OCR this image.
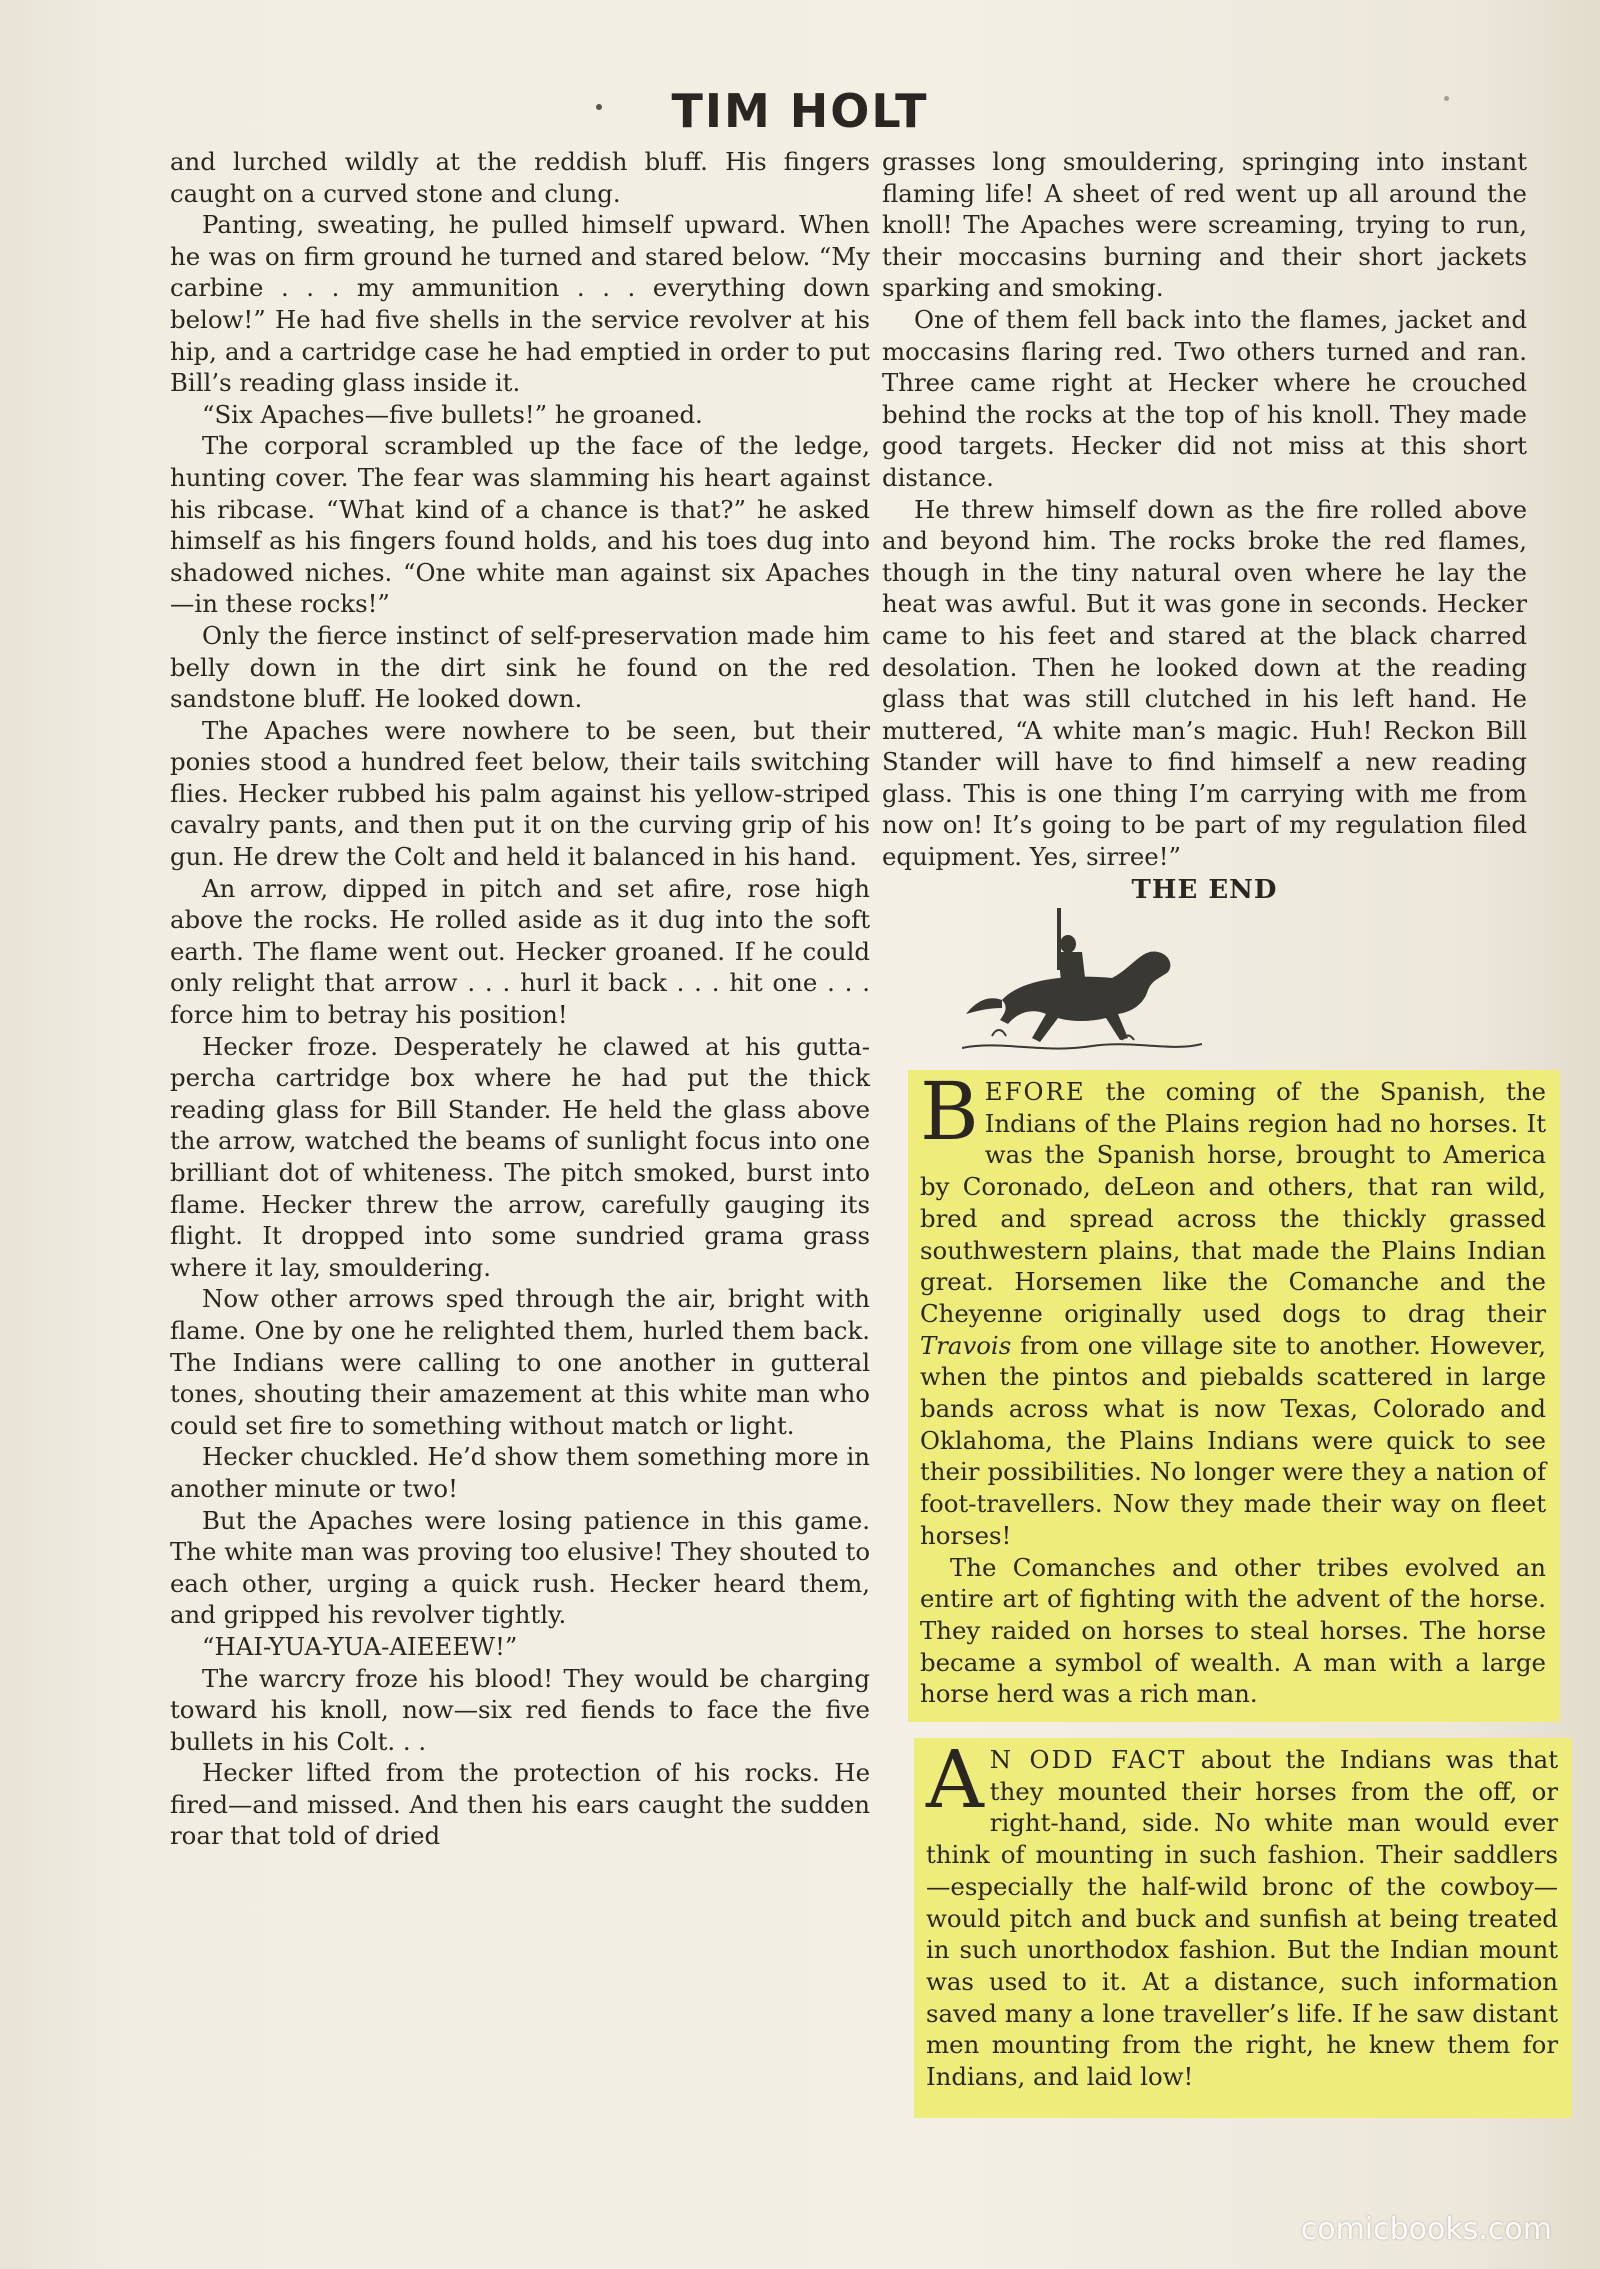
TIM HOLT

and lurched wildly at the reddish bluff. His fingers caught on a curved stone and clung.

Panting, sweating, he pulled himself upward. When he was on firm ground he turned and stared below. “My carbine . . . my ammunition . . . everything down below!” He had five shells in the service revolver at his hip, and a cartridge case he had emptied in order to put Bill’s reading glass inside it.

“Six Apaches—five bullets!” he groaned.

The corporal scrambled up the face of the ledge, hunting cover. The fear was slamming his heart against his ribcase. “What kind of a chance is that?” he asked himself as his fingers found holds, and his toes dug into shadowed niches. “One white man against six Apaches—in these rocks!”

Only the fierce instinct of self-preservation made him belly down in the dirt sink he found on the red sandstone bluff. He looked down.

The Apaches were nowhere to be seen, but their ponies stood a hundred feet below, their tails switching flies. Hecker rubbed his palm against his yellow-striped cavalry pants, and then put it on the curving grip of his gun. He drew the Colt and held it balanced in his hand.

An arrow, dipped in pitch and set afire, rose high above the rocks. He rolled aside as it dug into the soft earth. The flame went out. Hecker groaned. If he could only relight that arrow . . . hurl it back . . . hit one . . . force him to betray his position!

Hecker froze. Desperately he clawed at his gutta-percha cartridge box where he had put the thick reading glass for Bill Stander. He held the glass above the arrow, watched the beams of sunlight focus into one brilliant dot of whiteness. The pitch smoked, burst into flame. Hecker threw the arrow, carefully gauging its flight. It dropped into some sundried grama grass where it lay, smouldering.

Now other arrows sped through the air, bright with flame. One by one he relighted them, hurled them back. The Indians were calling to one another in gutteral tones, shouting their amazement at this white man who could set fire to something without match or light.

Hecker chuckled. He’d show them something more in another minute or two!

But the Apaches were losing patience in this game. The white man was proving too elusive! They shouted to each other, urging a quick rush. Hecker heard them, and gripped his revolver tightly.

“HAI-YUA-YUA-AIEEEW!”

The warcry froze his blood! They would be charging toward his knoll, now—six red fiends to face the five bullets in his Colt. . .

Hecker lifted from the protection of his rocks. He fired—and missed. And then his ears caught the sudden roar that told of dried

grasses long smouldering, springing into instant flaming life! A sheet of red went up all around the knoll! The Apaches were screaming, trying to run, their moccasins burning and their short jackets sparking and smoking.

One of them fell back into the flames, jacket and moccasins flaring red. Two others turned and ran. Three came right at Hecker where he crouched behind the rocks at the top of his knoll. They made good targets. Hecker did not miss at this short distance.

He threw himself down as the fire rolled above and beyond him. The rocks broke the red flames, though in the tiny natural oven where he lay the heat was awful. But it was gone in seconds. Hecker came to his feet and stared at the black charred desolation. Then he looked down at the reading glass that was still clutched in his left hand. He muttered, “A white man’s magic. Huh! Reckon Bill Stander will have to find himself a new reading glass. This is one thing I’m carrying with me from now on! It’s going to be part of my regulation filed equipment. Yes, sirree!”

THE END

BEFORE the coming of the Spanish, the Indians of the Plains region had no horses. It was the Spanish horse, brought to America by Coronado, deLeon and others, that ran wild, bred and spread across the thickly grassed southwestern plains, that made the Plains Indian great. Horsemen like the Comanche and the Cheyenne originally used dogs to drag their Travois from one village site to another. However, when the pintos and piebalds scattered in large bands across what is now Texas, Colorado and Oklahoma, the Plains Indians were quick to see their possibilities. No longer were they a nation of foot-travellers. Now they made their way on fleet horses!

The Comanches and other tribes evolved an entire art of fighting with the advent of the horse. They raided on horses to steal horses. The horse became a symbol of wealth. A man with a large horse herd was a rich man.

A N ODD FACT about the Indians was that they mounted their horses from the off, or right-hand, side. No white man would ever think of mounting in such fashion. Their saddlers—especially the half-wild bronc of the cowboy—would pitch and buck and sunfish at being treated in such unorthodox fashion. But the Indian mount was used to it. At a distance, such information saved many a lone traveller’s life. If he saw distant men mounting from the right, he knew them for Indians, and laid low!

comicbooks.com
